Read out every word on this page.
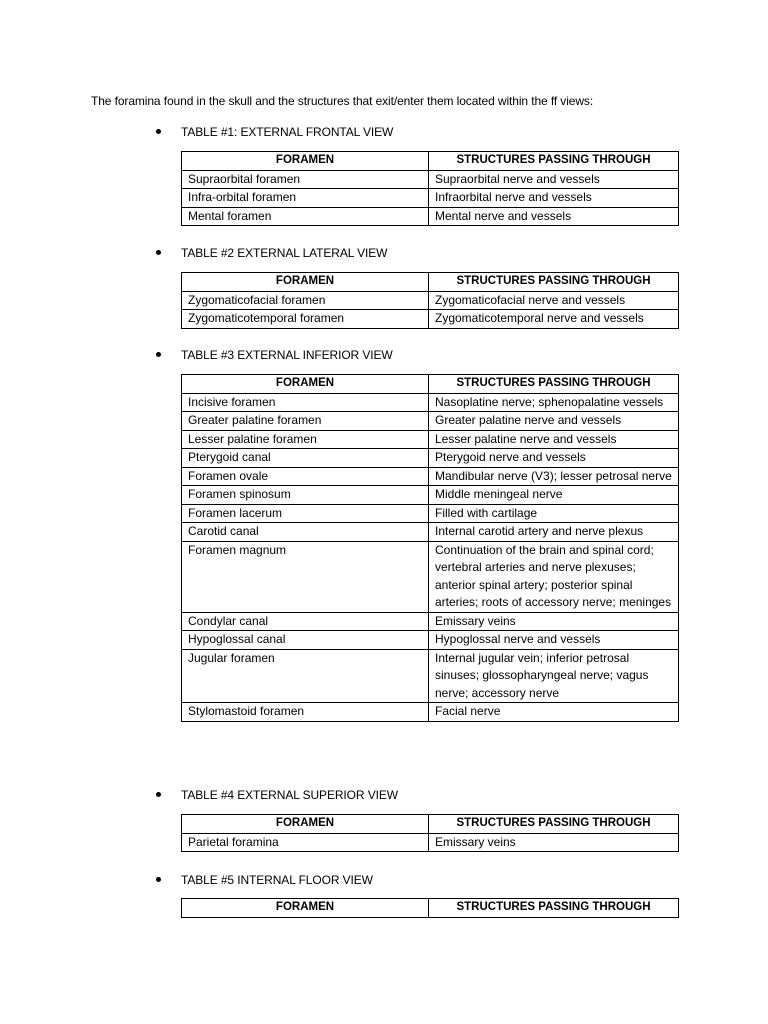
The foramina found in the skull and the structures that exit/enter them located within the ff views:
TABLE #1: EXTERNAL FRONTAL VIEW
FORAMEN	STRUCTURES PASSING THROUGH
Supraorbital foramen	Supraorbital nerve and vessels
Infra-orbital foramen	Infraorbital nerve and vessels
Mental foramen	Mental nerve and vessels
TABLE #2 EXTERNAL LATERAL VIEW
FORAMEN	STRUCTURES PASSING THROUGH
Zygomaticofacial foramen	Zygomaticofacial nerve and vessels
Zygomaticotemporal foramen	Zygomaticotemporal nerve and vessels
TABLE #3 EXTERNAL INFERIOR VIEW
FORAMEN	STRUCTURES PASSING THROUGH
Incisive foramen	Nasoplatine nerve; sphenopalatine vessels
Greater palatine foramen	Greater palatine nerve and vessels
Lesser palatine foramen	Lesser palatine nerve and vessels
Pterygoid canal	Pterygoid nerve and vessels
Foramen ovale	Mandibular nerve (V3); lesser petrosal nerve
Foramen spinosum	Middle meningeal nerve
Foramen lacerum	Filled with cartilage
Carotid canal	Internal carotid artery and nerve plexus
Foramen magnum	Continuation of the brain and spinal cord; vertebral arteries and nerve plexuses; anterior spinal artery; posterior spinal arteries; roots of accessory nerve; meninges
Condylar canal	Emissary veins
Hypoglossal canal	Hypoglossal nerve and vessels
Jugular foramen	Internal jugular vein; inferior petrosal sinuses; glossopharyngeal nerve; vagus nerve; accessory nerve
Stylomastoid foramen	Facial nerve
TABLE #4 EXTERNAL SUPERIOR VIEW
FORAMEN	STRUCTURES PASSING THROUGH
Parietal foramina	Emissary veins
TABLE #5 INTERNAL FLOOR VIEW
FORAMEN	STRUCTURES PASSING THROUGH
